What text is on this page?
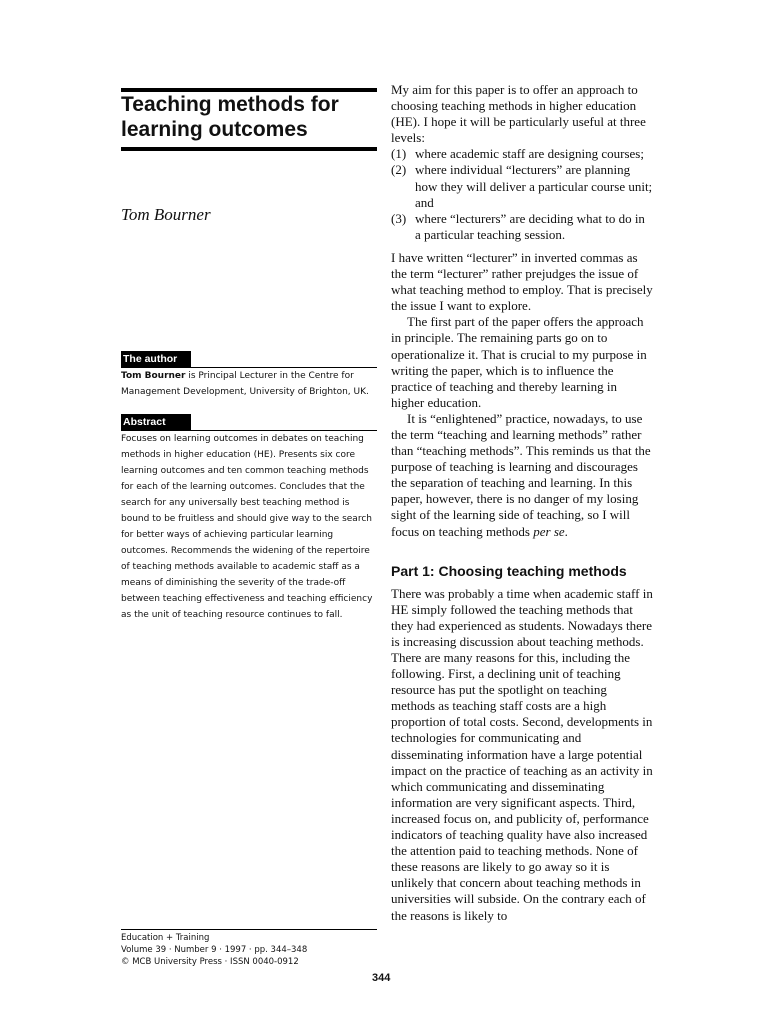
Teaching methods for
learning outcomes
Tom Bourner
The author
Tom Bourner is Principal Lecturer in the Centre for Management Development, University of Brighton, UK.
Abstract
Focuses on learning outcomes in debates on teaching methods in higher education (HE). Presents six core learning outcomes and ten common teaching methods for each of the learning outcomes. Concludes that the search for any universally best teaching method is bound to be fruitless and should give way to the search for better ways of achieving particular learning outcomes. Recommends the widening of the repertoire of teaching methods available to academic staff as a means of diminishing the severity of the trade-off between teaching effectiveness and teaching efficiency as the unit of teaching resource continues to fall.
Education + Training
Volume 39 · Number 9 · 1997 · pp. 344–348
© MCB University Press · ISSN 0040-0912

My aim for this paper is to offer an approach to choosing teaching methods in higher education (HE). I hope it will be particularly useful at three levels:

(1) where academic staff are designing courses;
(2) where individual “lecturers” are planning how they will deliver a particular course unit; and
(3) where “lecturers” are deciding what to do in a particular teaching session.

I have written “lecturer” in inverted commas as the term “lecturer” rather prejudges the issue of what teaching method to employ. That is precisely the issue I want to explore.

The first part of the paper offers the approach in principle. The remaining parts go on to operationalize it. That is crucial to my purpose in writing the paper, which is to influence the practice of teaching and thereby learning in higher education.

It is “enlightened” practice, nowadays, to use the term “teaching and learning methods” rather than “teaching methods”. This reminds us that the purpose of teaching is learning and discourages the separation of teaching and learning. In this paper, however, there is no danger of my losing sight of the learning side of teaching, so I will focus on teaching methods per se.

Part 1: Choosing teaching methods

There was probably a time when academic staff in HE simply followed the teaching methods that they had experienced as students. Nowadays there is increasing discussion about teaching methods. There are many reasons for this, including the following. First, a declining unit of teaching resource has put the spotlight on teaching methods as teaching staff costs are a high proportion of total costs. Second, developments in technologies for communicating and disseminating information have a large potential impact on the practice of teaching as an activity in which communicating and disseminating information are very significant aspects. Third, increased focus on, and publicity of, performance indicators of teaching quality have also increased the attention paid to teaching methods. None of these reasons are likely to go away so it is unlikely that concern about teaching methods in universities will subside. On the contrary each of the reasons is likely to

344
